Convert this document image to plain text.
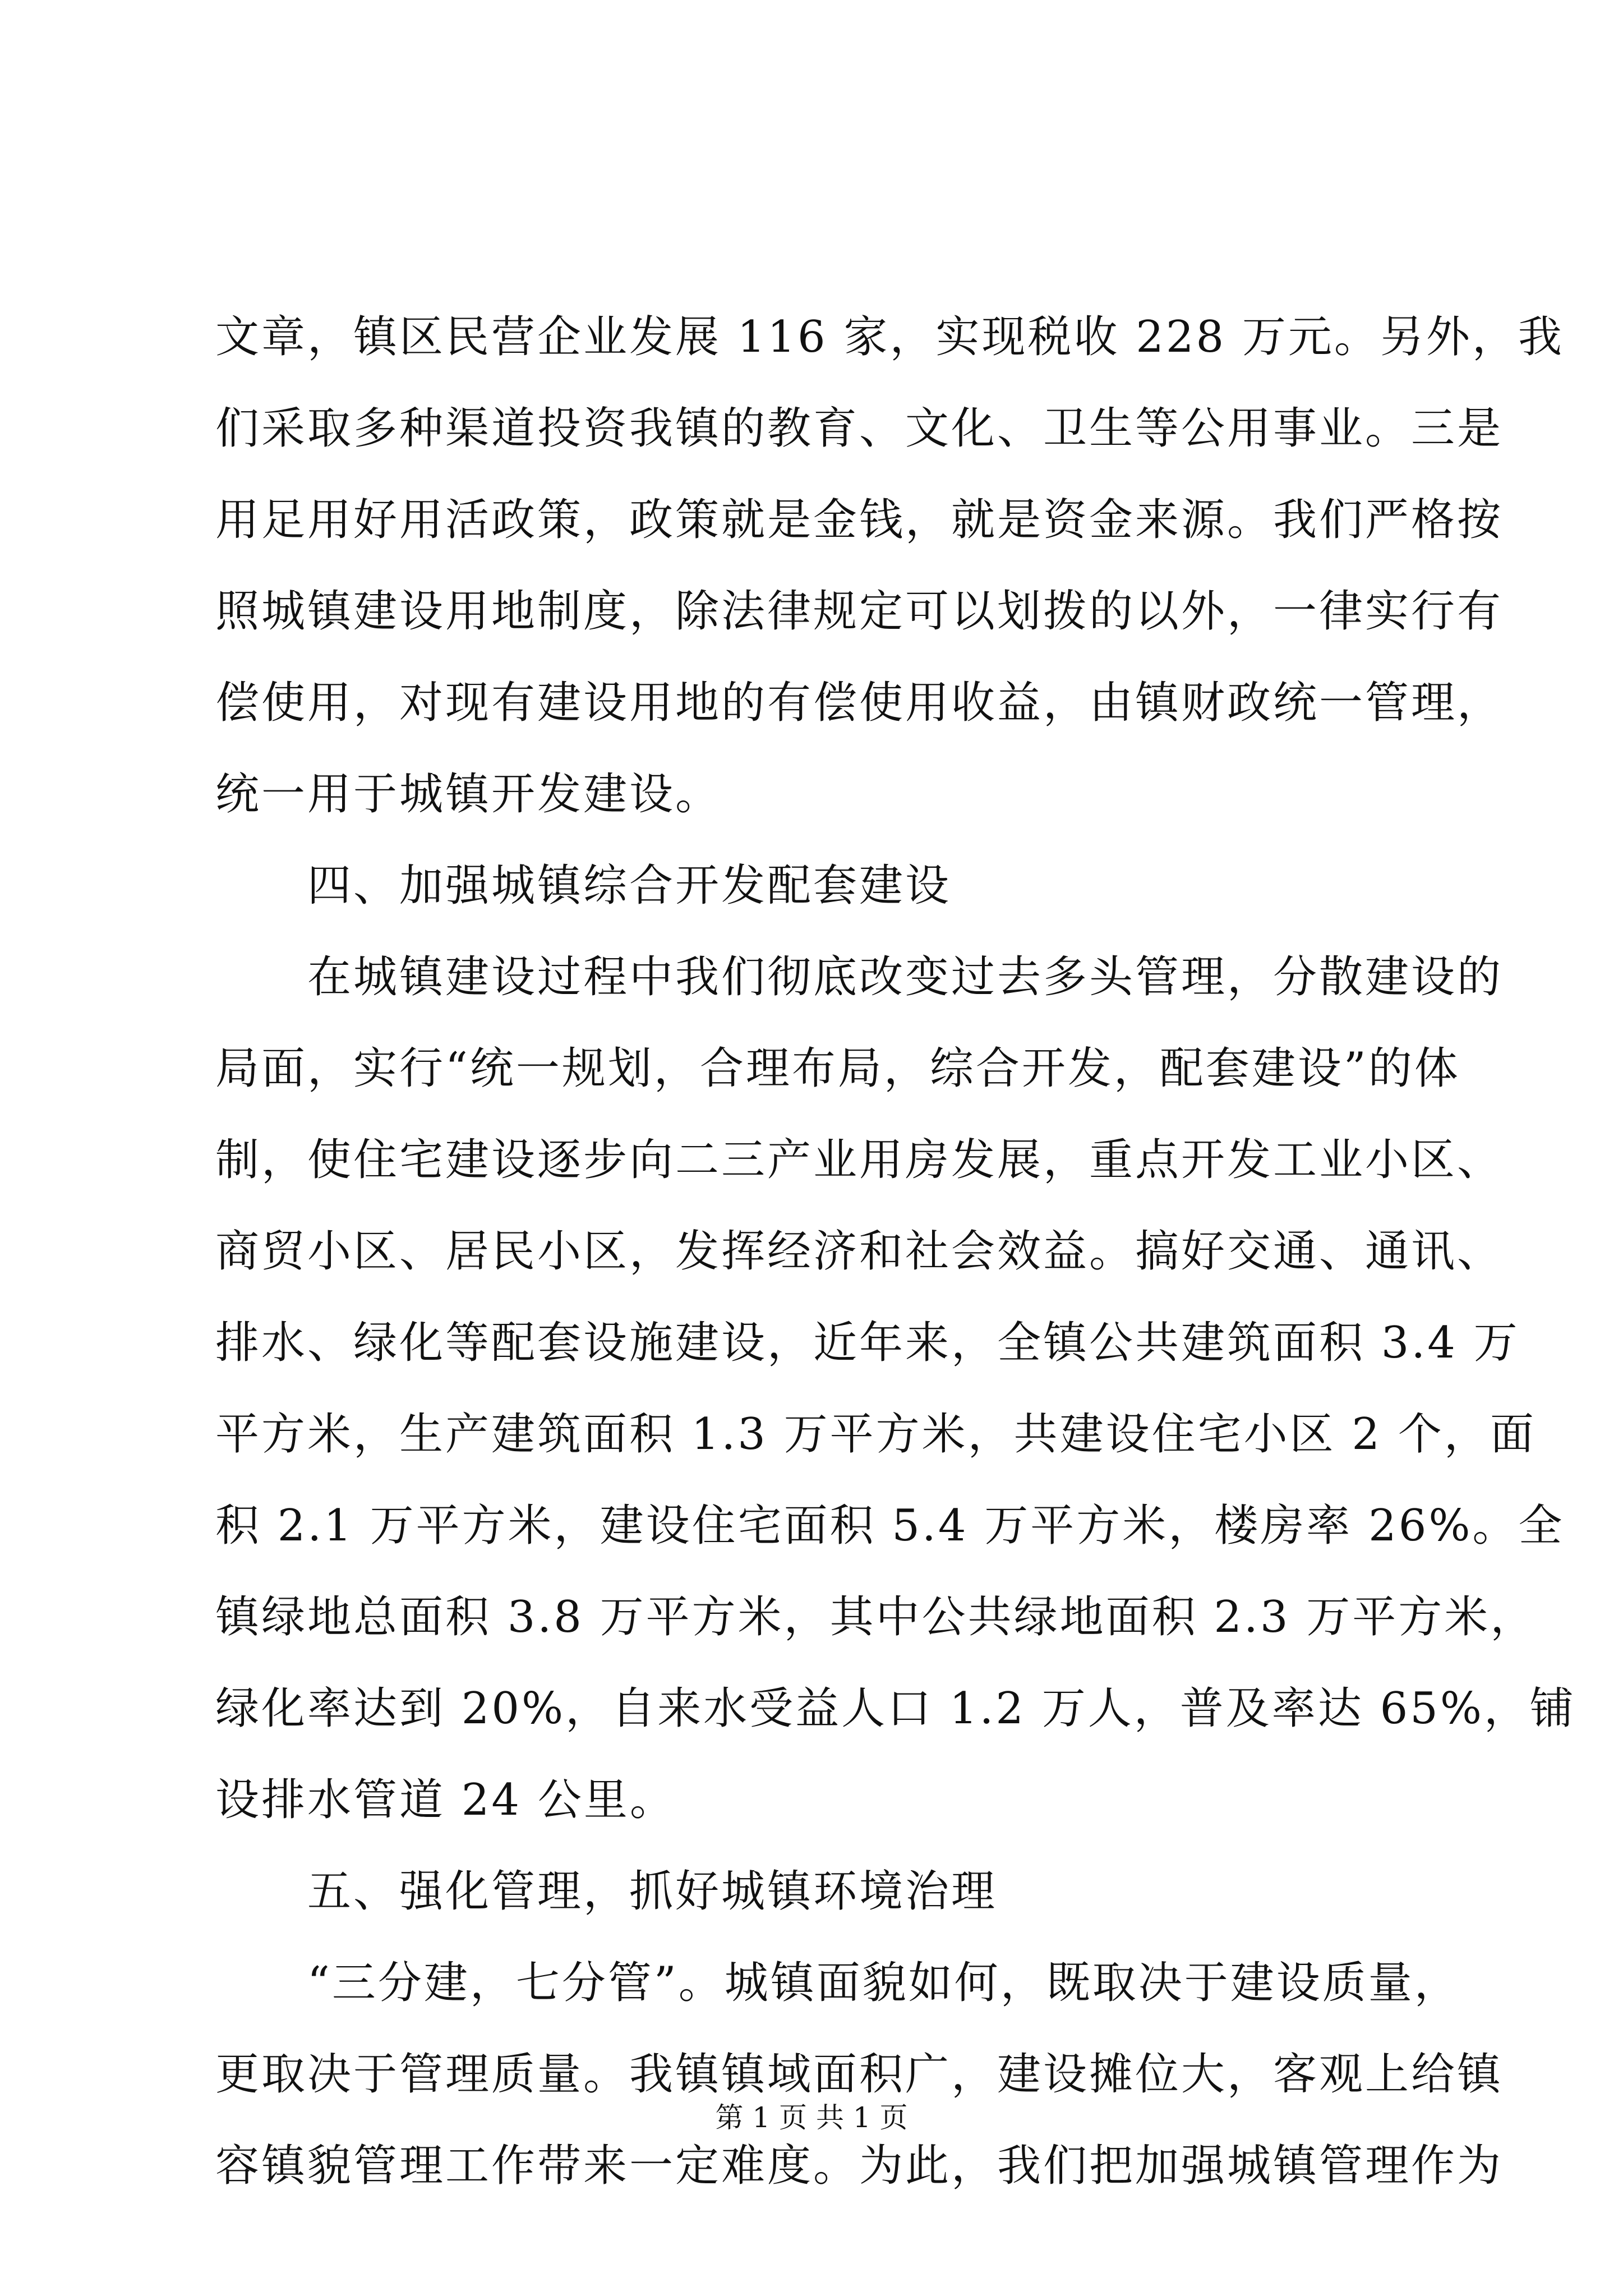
文章，镇区民营企业发展 116 家，实现税收 228 万元。另外，我
们采取多种渠道投资我镇的教育、文化、卫生等公用事业。三是
用足用好用活政策，政策就是金钱，就是资金来源。我们严格按
照城镇建设用地制度，除法律规定可以划拨的以外，一律实行有
偿使用，对现有建设用地的有偿使用收益，由镇财政统一管理，
统一用于城镇开发建设。
　　四、加强城镇综合开发配套建设
　　在城镇建设过程中我们彻底改变过去多头管理，分散建设的
局面，实行“统一规划，合理布局，综合开发，配套建设”的体
制，使住宅建设逐步向二三产业用房发展，重点开发工业小区、
商贸小区、居民小区，发挥经济和社会效益。搞好交通、通讯、
排水、绿化等配套设施建设，近年来，全镇公共建筑面积 3.4 万
平方米，生产建筑面积 1.3 万平方米，共建设住宅小区 2 个，面
积 2.1 万平方米，建设住宅面积 5.4 万平方米，楼房率 26%。全
镇绿地总面积 3.8 万平方米，其中公共绿地面积 2.3 万平方米，
绿化率达到 20%，自来水受益人口 1.2 万人，普及率达 65%，铺
设排水管道 24 公里。
　　五、强化管理，抓好城镇环境治理
　　“三分建，七分管”。城镇面貌如何，既取决于建设质量，
更取决于管理质量。我镇镇域面积广，建设摊位大，客观上给镇
容镇貌管理工作带来一定难度。为此，我们把加强城镇管理作为
第 1 页 共 1 页
